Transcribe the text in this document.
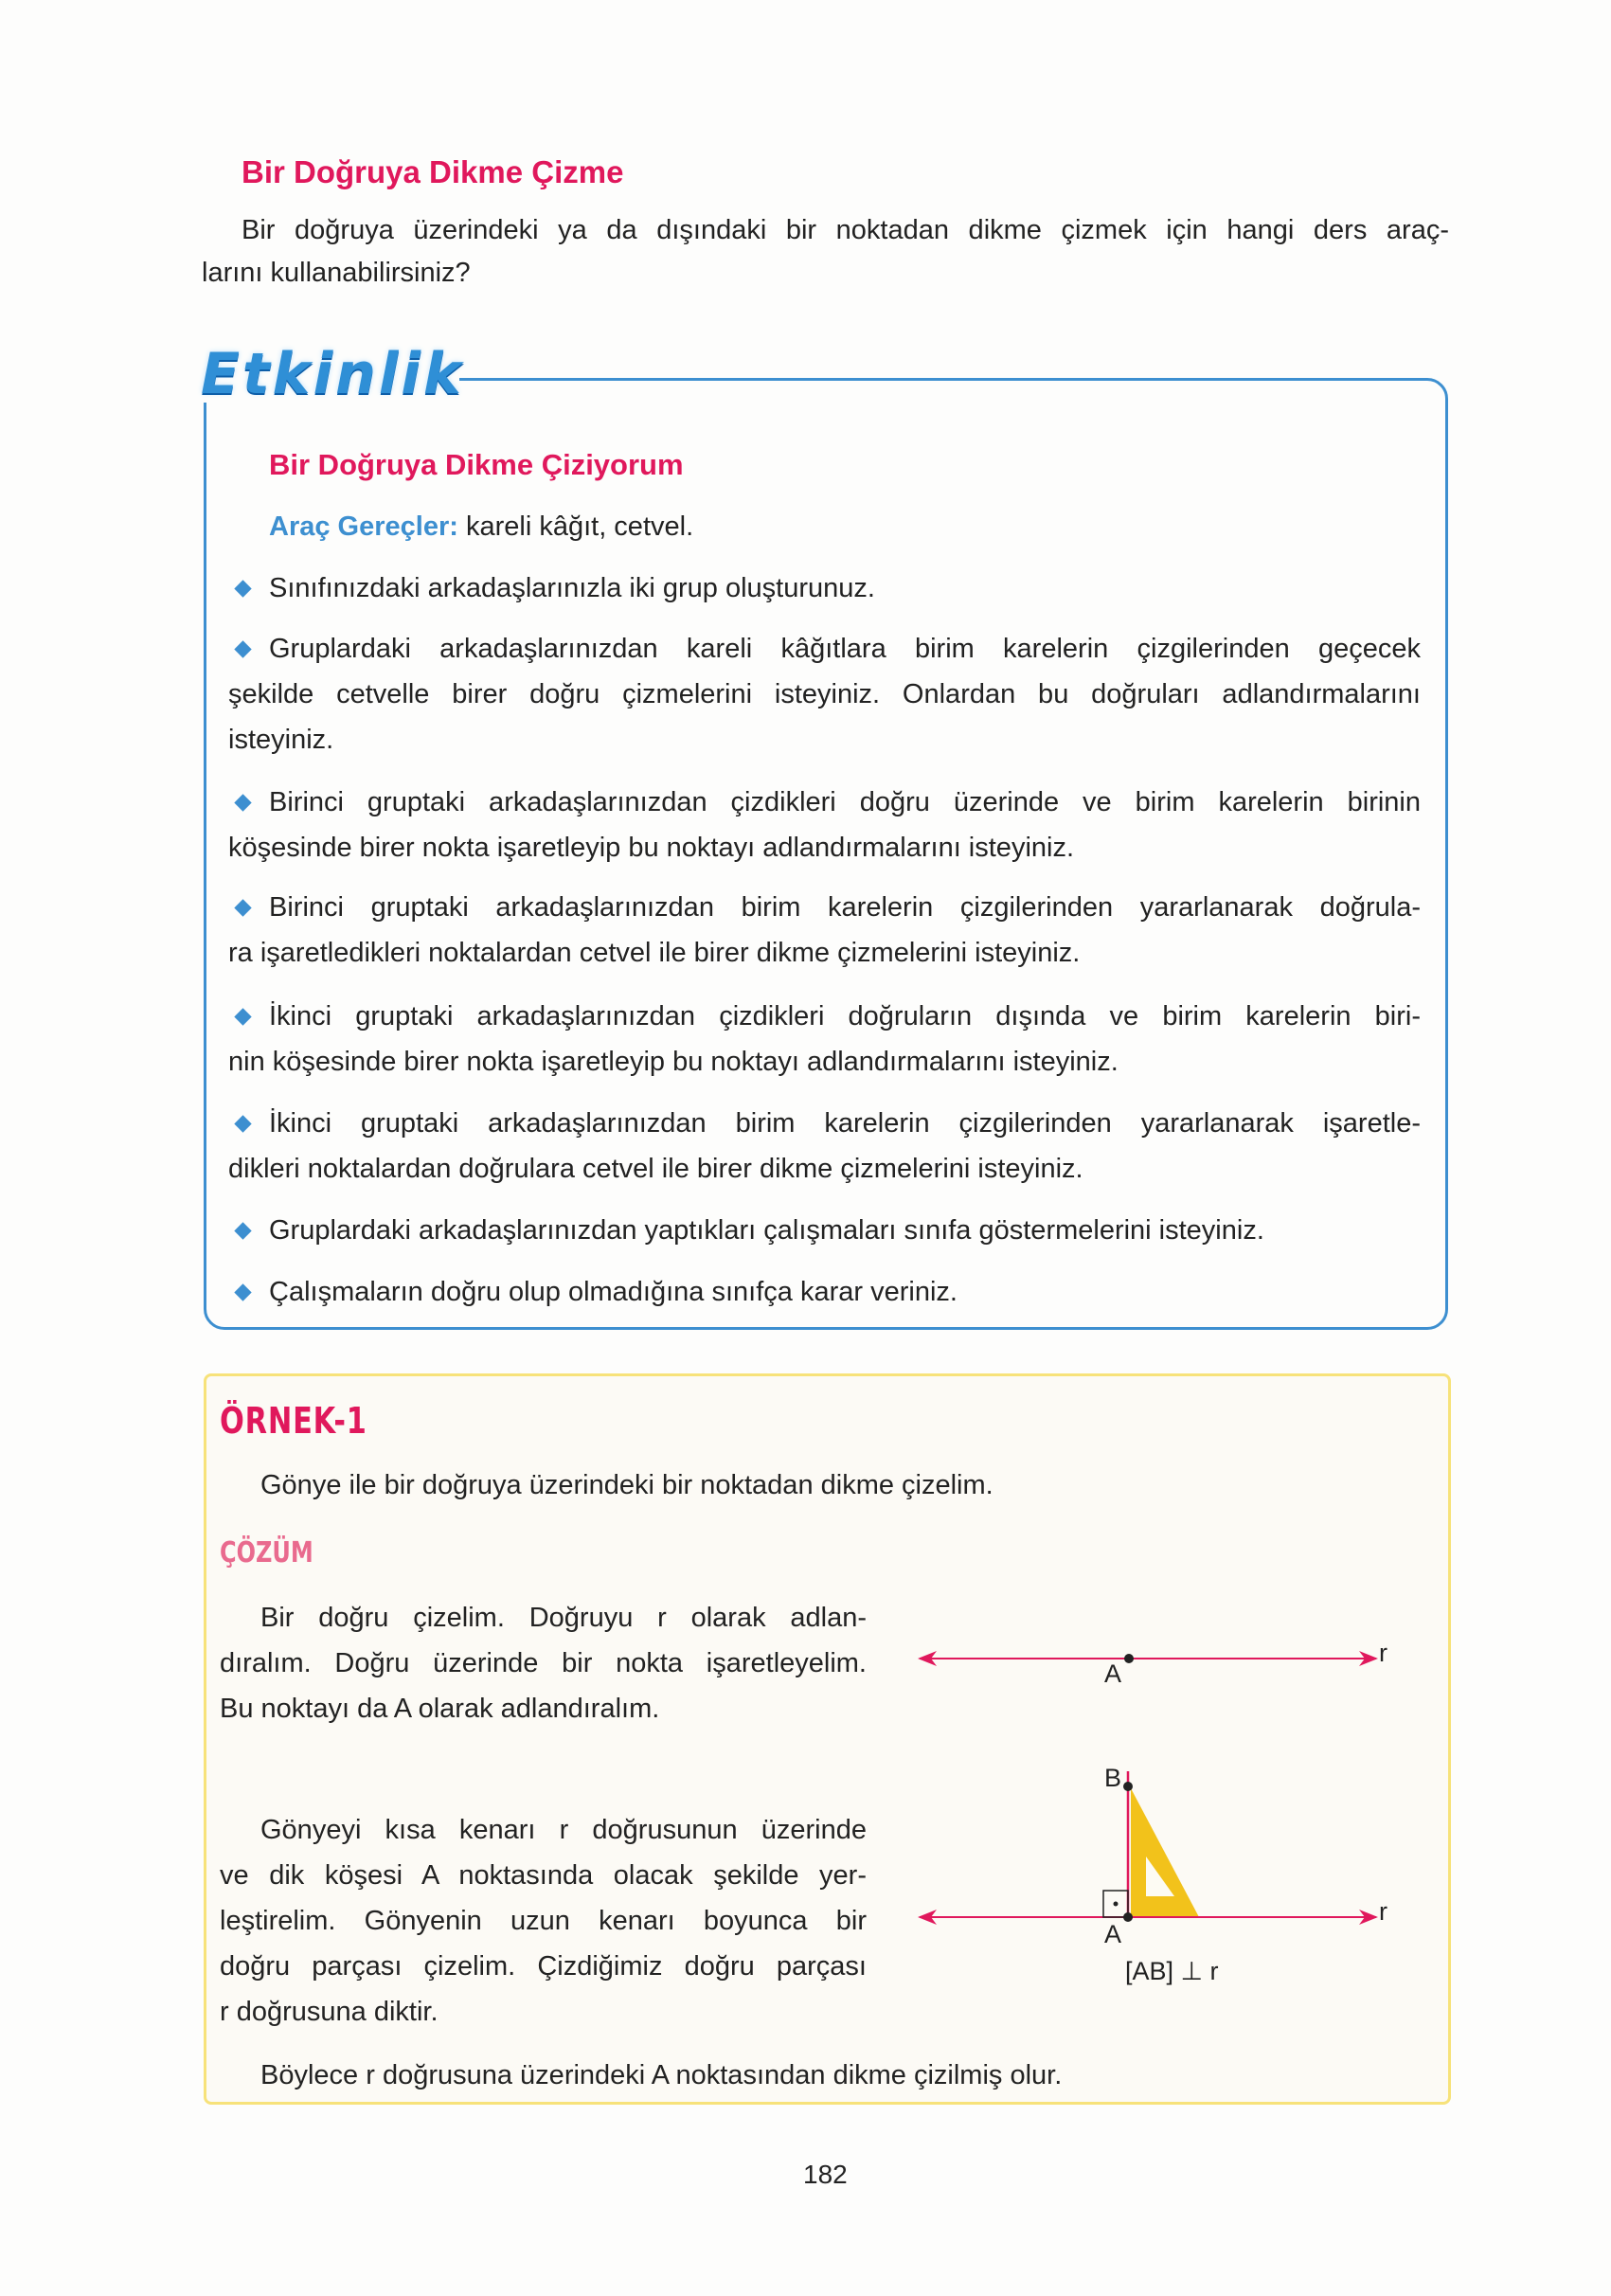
Bir Doğruya Dikme Çizme
Bir doğruya üzerindeki ya da dışındaki bir noktadan dikme çizmek için hangi ders araç-
larını kullanabilirsiniz?
Etkinlik
Bir Doğruya Dikme Çiziyorum
Araç Gereçler: kareli kâğıt, cetvel.
Sınıfınızdaki arkadaşlarınızla iki grup oluşturunuz.
Gruplardaki arkadaşlarınızdan kareli kâğıtlara birim karelerin çizgilerinden geçecek
şekilde cetvelle birer doğru çizmelerini isteyiniz. Onlardan bu doğruları adlandırmalarını
isteyiniz.
Birinci gruptaki arkadaşlarınızdan çizdikleri doğru üzerinde ve birim karelerin birinin
köşesinde birer nokta işaretleyip bu noktayı adlandırmalarını isteyiniz.
Birinci gruptaki arkadaşlarınızdan birim karelerin çizgilerinden yararlanarak doğrula-
ra işaretledikleri noktalardan cetvel ile birer dikme çizmelerini isteyiniz.
İkinci gruptaki arkadaşlarınızdan çizdikleri doğruların dışında ve birim karelerin biri-
nin köşesinde birer nokta işaretleyip bu noktayı adlandırmalarını isteyiniz.
İkinci gruptaki arkadaşlarınızdan birim karelerin çizgilerinden yararlanarak işaretle-
dikleri noktalardan doğrulara cetvel ile birer dikme çizmelerini isteyiniz.
Gruplardaki arkadaşlarınızdan yaptıkları çalışmaları sınıfa göstermelerini isteyiniz.
Çalışmaların doğru olup olmadığına sınıfça karar veriniz.
ÖRNEK-1
Gönye ile bir doğruya üzerindeki bir noktadan dikme çizelim.
ÇÖZÜM
Bir doğru çizelim. Doğruyu r olarak adlan-
dıralım. Doğru üzerinde bir nokta işaretleyelim.
Bu noktayı da A olarak adlandıralım.
Gönyeyi kısa kenarı r doğrusunun üzerinde
ve dik köşesi A noktasında olacak şekilde yer-
leştirelim. Gönyenin uzun kenarı boyunca bir
doğru parçası çizelim. Çizdiğimiz doğru parçası
r doğrusuna diktir.
Böylece r doğrusuna üzerindeki A noktasından dikme çizilmiş olur.
A
r
B
A
r
[AB] ⊥ r
182
